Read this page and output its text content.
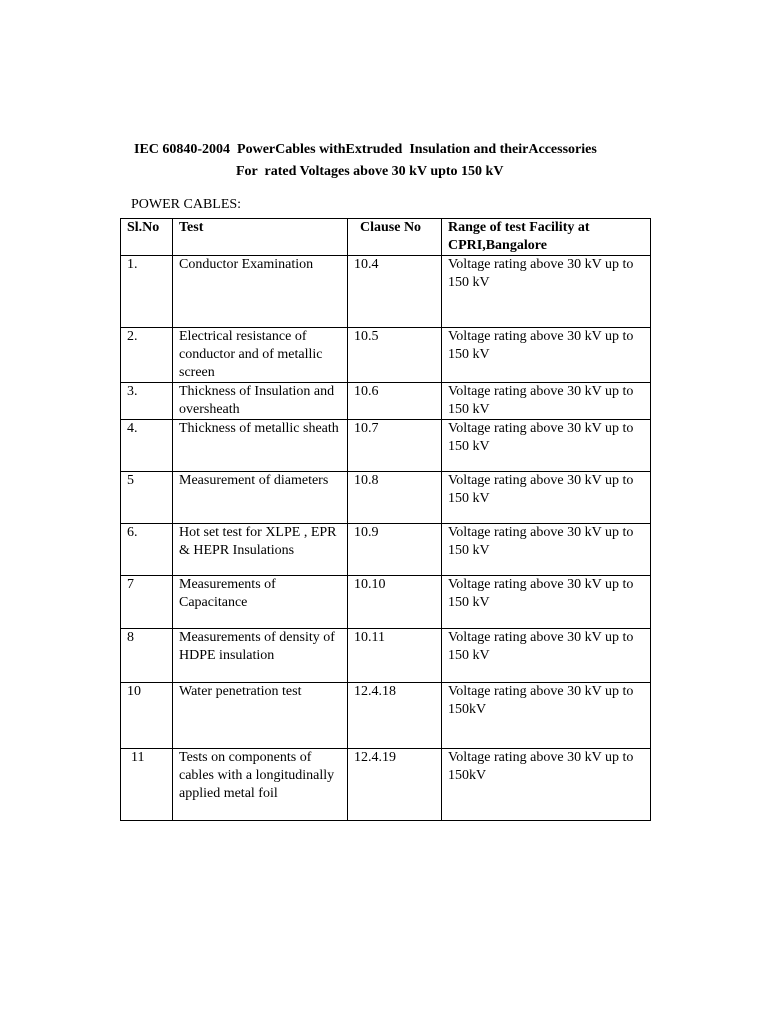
IEC 60840-2004  PowerCables withExtruded  Insulation and theirAccessories
For  rated Voltages above 30 kV upto 150 kV
POWER CABLES:
Sl.No	Test	Clause No	Range of test Facility at CPRI,Bangalore
1.	Conductor Examination	10.4	Voltage rating above 30 kV up to 150 kV
2.	Electrical resistance of conductor and of metallic screen	10.5	Voltage rating above 30 kV up to 150 kV
3.	Thickness of Insulation and oversheath	10.6	Voltage rating above 30 kV up to 150 kV
4.	Thickness of metallic sheath	10.7	Voltage rating above 30 kV up to 150 kV
5	Measurement of diameters	10.8	Voltage rating above 30 kV up to 150 kV
6.	Hot set test for XLPE , EPR & HEPR Insulations	10.9	Voltage rating above 30 kV up to 150 kV
7	Measurements of Capacitance	10.10	Voltage rating above 30 kV up to 150 kV
8	Measurements of density of HDPE insulation	10.11	Voltage rating above 30 kV up to 150 kV
10	Water penetration test	12.4.18	Voltage rating above 30 kV up to 150kV
11	Tests on components of cables with a longitudinally applied metal foil	12.4.19	Voltage rating above 30 kV up to 150kV
